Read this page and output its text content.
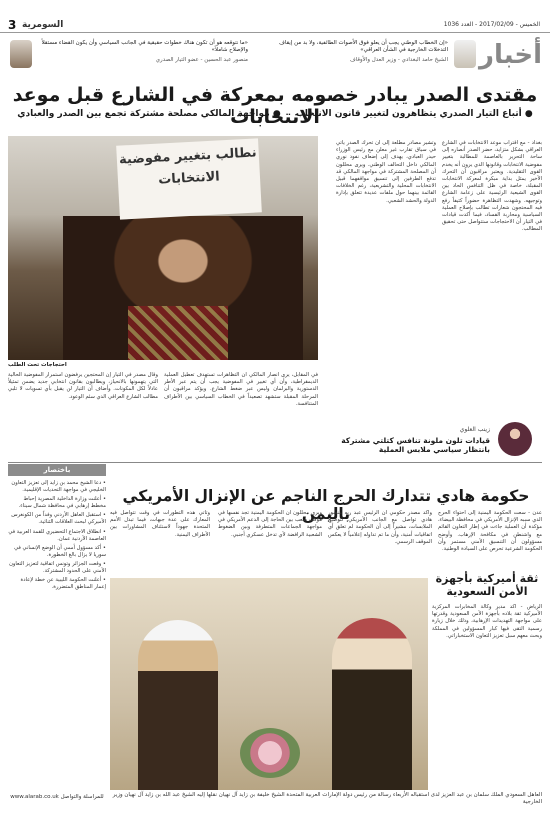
3 السومرية	الخميس - 2017/02/09 - العدد 1036
أخبار
«ما نتوقعه هو أن تكون هناك خطوات حقيقية في الجانب السياسي وأن يكون القضاء مستقلاً والإصلاح شاملاً»
منصور عبد الحسين - عضو التيار الصدري
«إن الخطاب الوطني يجب أن يعلو فوق الأصوات الطائفية، ولا بد من إيقاف التدخلات الخارجية في الشأن العراقي»
الشيخ حامد البغدادي - وزير العدل والأوقاف
مقتدى الصدر يبادر خصومه بمعركة في الشارع قبل موعد الانتخابات
● أتباع التيار الصدري يتظاهرون لتغيير قانون الانتخاب ● مواجهة المالكي مصلحة مشتركة تجمع بين الصدر والعبادي
نطالب بتغيير مفوضية الانتخابات
احتجاجات تحت الطلب

بغداد - مع اقتراب موعد الانتخابات في الشارع العراقي بشكل متزايد، حضر الصدر أنصاره إلى ساحة التحرير بالعاصمة للمطالبة بتغيير مفوضية الانتخابات وقانونها الذي يرون أنه يخدم القوى التقليدية. ويعتبر مراقبون أن التحرك الأخير يمثل بداية مبكرة لمعركة الانتخابات المقبلة، خاصة في ظل التنافس الحاد بين القوى الشيعية الرئيسية على زعامة الشارع وتوجيهه. وشهدت التظاهرة حضوراً كثيفاً رفع فيه المحتجون شعارات تطالب بإصلاح العملية السياسية ومحاربة الفساد، فيما أكدت قيادات في التيار أن الاحتجاجات ستتواصل حتى تحقيق المطالب.

وتشير مصادر مطلعة إلى أن تحرك الصدر يأتي في سياق تقارب غير معلن مع رئيس الوزراء حيدر العبادي، يهدف إلى إضعاف نفوذ نوري المالكي داخل التحالف الوطني. ويرى محللون أن المصلحة المشتركة في مواجهة المالكي قد تدفع الطرفين إلى تنسيق مواقفهما قبيل الانتخابات المحلية والتشريعية، رغم الخلافات القائمة بينهما حول ملفات عديدة تتعلق بإدارة الدولة والحشد الشعبي.

زينب العلوي
قيادات تلون ملونة تنافس كتلتي مشتركة بانتظار سياسي ملابس العملية

وقال مصدر في التيار إن المحتجين يرفضون استمرار المفوضية الحالية التي يتهمونها بالانحياز، ويطالبون بقانون انتخابي جديد يضمن تمثيلاً عادلاً لكل المكونات. وأضاف أن التيار لن يقبل بأي تسويات لا تلبي مطالب الشارع العراقي الذي سئم الوعود.

في المقابل، يرى أنصار المالكي أن التظاهرات تستهدف تعطيل العملية الديمقراطية، وأن أي تغيير في المفوضية يجب أن يتم عبر الأطر الدستورية والبرلمان وليس عبر ضغط الشارع. ويؤكد مراقبون أن المرحلة المقبلة ستشهد تصعيداً في الخطاب السياسي بين الأطراف المتنافسة.

باختصار

• دعا الشيخ محمد بن زايد إلى تعزيز التعاون الخليجي في مواجهة التحديات الإقليمية.

• أعلنت وزارة الداخلية المصرية إحباط مخطط إرهابي في محافظة شمال سيناء.

• استقبل العاهل الأردني وفداً من الكونغرس الأميركي لبحث العلاقات الثنائية.

• انطلاق الاجتماع التحضيري للقمة العربية في العاصمة الأردنية عمان.

• أكد مسؤول أممي أن الوضع الإنساني في سوريا لا يزال بالغ الخطورة.

• وقعت الجزائر وتونس اتفاقية لتعزيز التعاون الأمني على الحدود المشتركة.

• أعلنت الحكومة الليبية عن خطة لإعادة إعمار المناطق المتضررة.

للمراسلة والتواصل www.alarab.co.uk
حكومة هادي تتدارك الحرج الناجم عن الإنزال الأمريكي باليمن	عدن - سعت الحكومة اليمنية إلى احتواء الحرج الذي سببه الإنزال الأمريكي في محافظة البيضاء، مؤكدة أن العملية جاءت في إطار التعاون القائم مع واشنطن في مكافحة الإرهاب. وأوضح مسؤولون أن التنسيق الأمني مستمر وأن الحكومة الشرعية تحرص على السيادة الوطنية.

وأكد مصدر حكومي أن الرئيس عبد ربه منصور هادي تواصل مع الجانب الأمريكي لتوضيح الملابسات، مشيراً إلى أن الحكومة لم تعلق أي اتفاقيات أمنية، وأن ما تم تداوله إعلامياً لا يعكس الموقف الرسمي.

ويرى محللون أن الحكومة اليمنية تجد نفسها في موقف صعب بين الحاجة إلى الدعم الأمريكي في مواجهة الجماعات المتطرفة وبين الضغوط الشعبية الرافضة لأي تدخل عسكري أجنبي.

وتأتي هذه التطورات في وقت تتواصل فيه المعارك على عدة جبهات، فيما تبذل الأمم المتحدة جهوداً لاستئناف المشاورات بين الأطراف اليمنية.

ثقة أميركية بأجهزة الأمن السعودية

الرياض - أكد مدير وكالة المخابرات المركزية الأميركية ثقة بلاده بأجهزة الأمن السعودية وقدرتها على مواجهة التهديدات الإرهابية، وذلك خلال زيارة رسمية التقى فيها كبار المسؤولين في المملكة وبحث معهم سبل تعزيز التعاون الاستخباراتي.

العاهل السعودي الملك سلمان بن عبد العزيز لدى استقباله الأربعاء رسالة من رئيس دولة الإمارات العربية المتحدة الشيخ خليفة بن زايد آل نهيان نقلها إليه الشيخ عبد الله بن زايد آل نهيان وزير الخارجية
